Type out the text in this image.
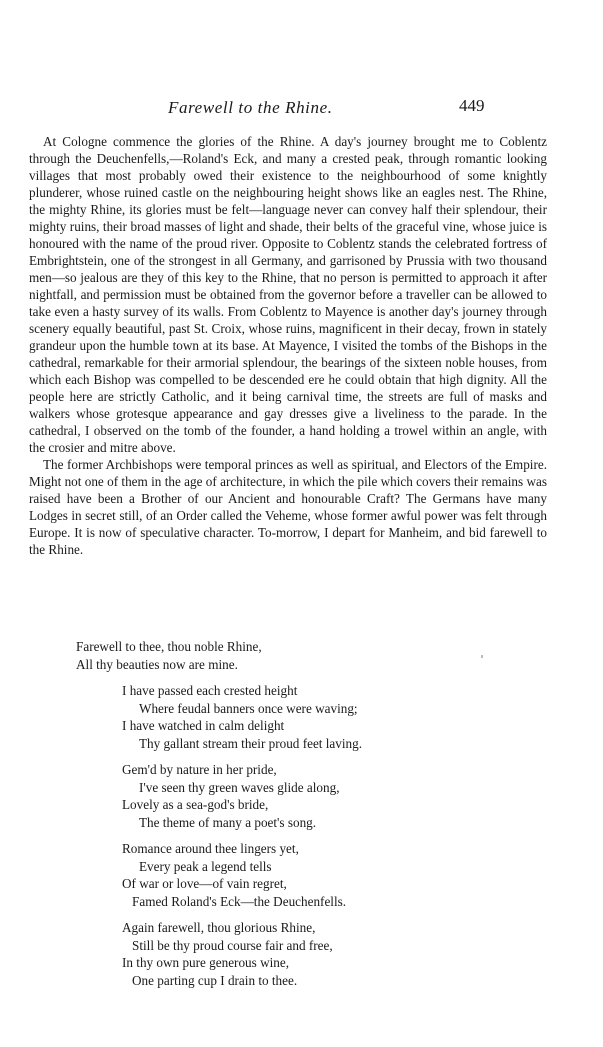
Farewell to the Rhine.	449

At Cologne commence the glories of the Rhine. A day's journey brought me to Coblentz through the Deuchenfells,—Roland's Eck, and many a crested peak, through romantic looking villages that most probably owed their existence to the neighbourhood of some knightly plunderer, whose ruined castle on the neighbouring height shows like an eagles nest. The Rhine, the mighty Rhine, its glories must be felt—language never can convey half their splendour, their mighty ruins, their broad masses of light and shade, their belts of the graceful vine, whose juice is honoured with the name of the proud river. Opposite to Coblentz stands the celebrated fortress of Embrightstein, one of the strongest in all Germany, and garrisoned by Prussia with two thousand men—so jealous are they of this key to the Rhine, that no person is permitted to approach it after nightfall, and permission must be obtained from the governor before a traveller can be allowed to take even a hasty survey of its walls. From Coblentz to Mayence is another day's journey through scenery equally beautiful, past St. Croix, whose ruins, magnificent in their decay, frown in stately grandeur upon the humble town at its base. At Mayence, I visited the tombs of the Bishops in the cathedral, remarkable for their armorial splendour, the bearings of the sixteen noble houses, from which each Bishop was compelled to be descended ere he could obtain that high dignity. All the people here are strictly Catholic, and it being carnival time, the streets are full of masks and walkers whose grotesque appearance and gay dresses give a liveliness to the parade. In the cathedral, I observed on the tomb of the founder, a hand holding a trowel within an angle, with the crosier and mitre above.

The former Archbishops were temporal princes as well as spiritual, and Electors of the Empire. Might not one of them in the age of architecture, in which the pile which covers their remains was raised have been a Brother of our Ancient and honourable Craft? The Germans have many Lodges in secret still, of an Order called the Veheme, whose former awful power was felt through Europe. It is now of speculative character. To-morrow, I depart for Manheim, and bid farewell to the Rhine.

Farewell to thee, thou noble Rhine,
All thy beauties now are mine.
I have passed each crested height
Where feudal banners once were waving;
I have watched in calm delight
Thy gallant stream their proud feet laving.
Gem'd by nature in her pride,
I've seen thy green waves glide along,
Lovely as a sea-god's bride,
The theme of many a poet's song.
Romance around thee lingers yet,
Every peak a legend tells
Of war or love—of vain regret,
Famed Roland's Eck—the Deuchenfells.
Again farewell, thou glorious Rhine,
Still be thy proud course fair and free,
In thy own pure generous wine,
One parting cup I drain to thee.
